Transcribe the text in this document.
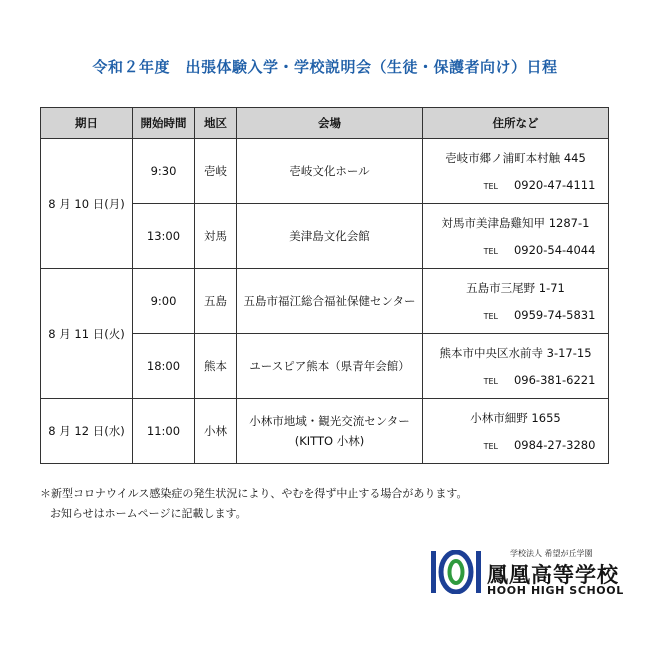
令和２年度　出張体験入学・学校説明会（生徒・保護者向け）日程
期日	開始時間	地区	会場	住所など
8 月 10 日(月)	9:30	壱岐	壱岐文化ホール	壱岐市郷ノ浦町本村触 445
TEL 0920-47-4111

	13:00	対馬	美津島文化会館	対馬市美津島雞知甲 1287-1
TEL 0920-54-4044

8 月 11 日(火)	9:00	五島	五島市福江総合福祉保健センター	五島市三尾野 1-71
TEL 0959-74-5831

	18:00	熊本	ユースピア熊本（県青年会館）	熊本市中央区水前寺 3-17-15
TEL 096-381-6221

8 月 12 日(水)	11:00	小林	小林市地域・観光交流センター
(KITTO 小林)	小林市細野 1655
TEL 0984-27-3280
＊新型コロナウイルス感染症の発生状況により、やむを得ず中止する場合があります。
お知らせはホームページに記載します。
学校法人 希望が丘学園
鳳凰高等学校
HOOH HIGH SCHOOL
